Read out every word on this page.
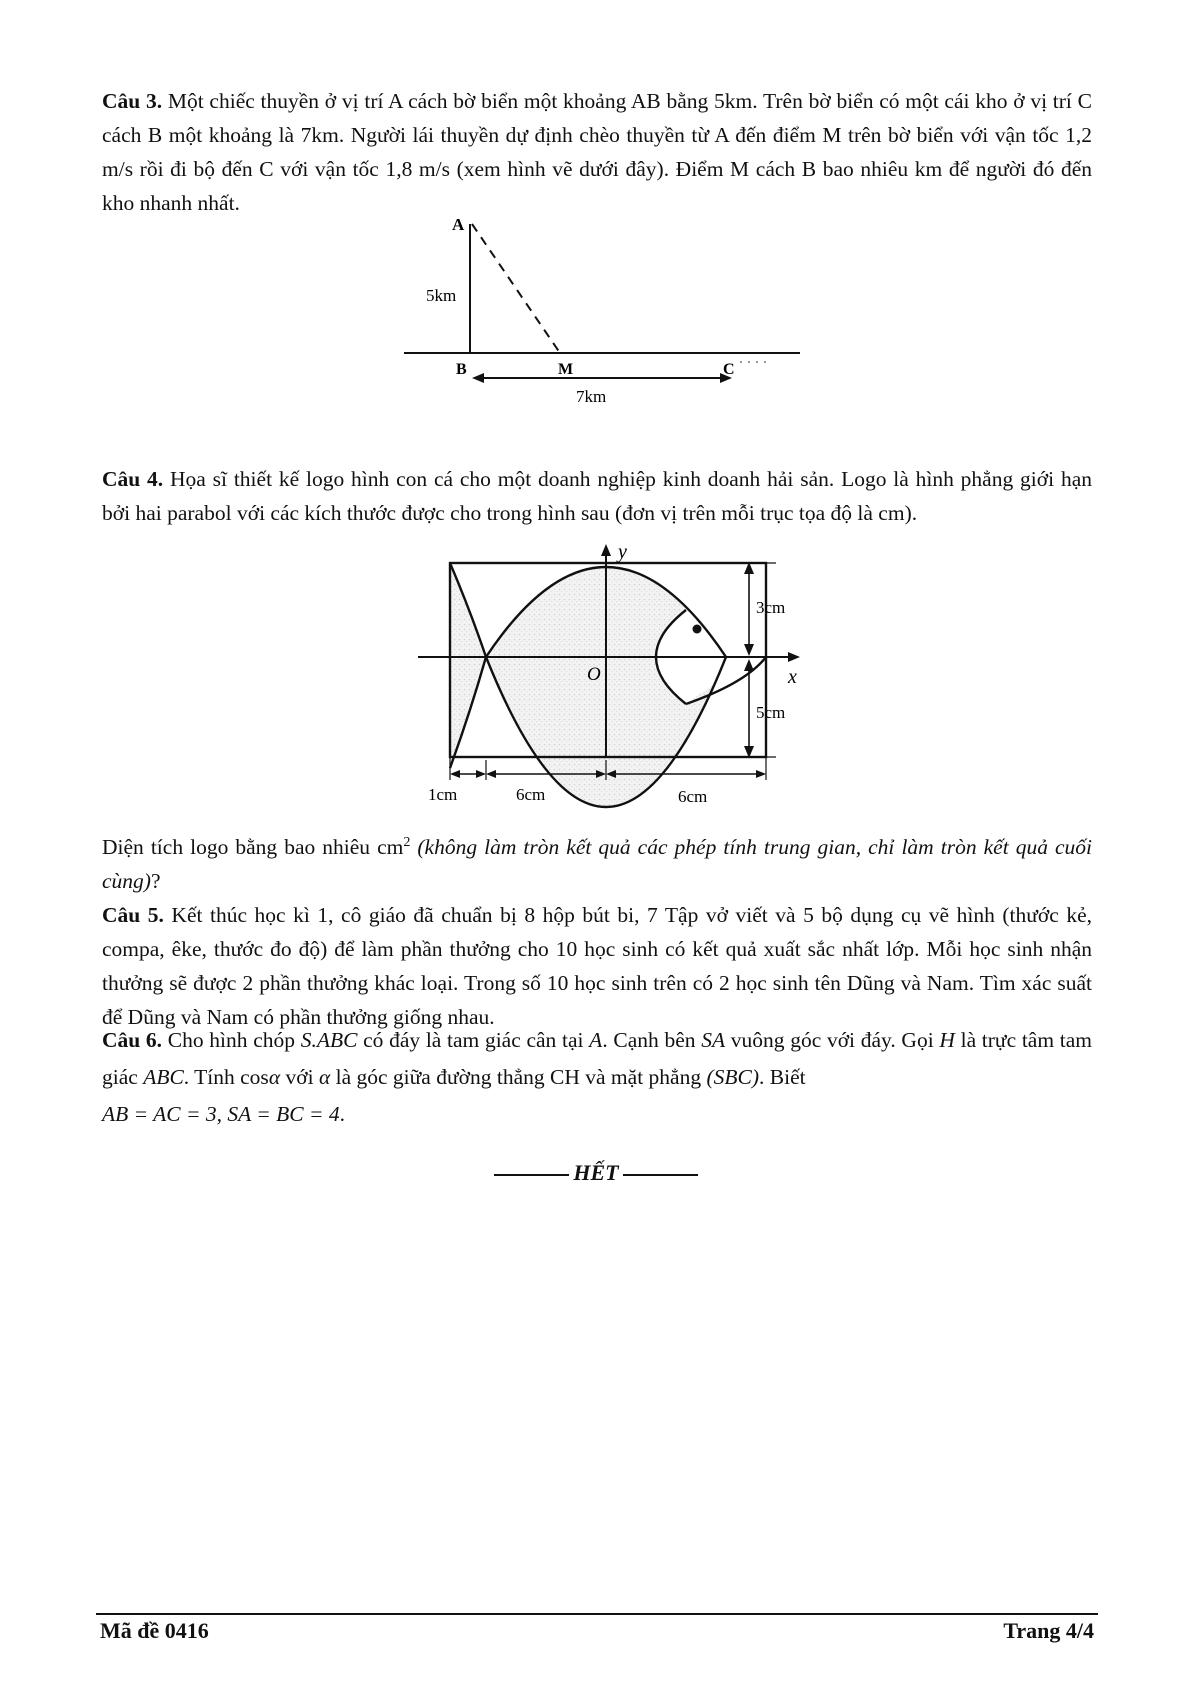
Câu 3. Một chiếc thuyền ở vị trí A cách bờ biển một khoảng AB bằng 5km. Trên bờ biển có một cái kho ở vị trí C cách B một khoảng là 7km. Người lái thuyền dự định chèo thuyền từ A đến điểm M trên bờ biển với vận tốc 1,2 m/s rồi đi bộ đến C với vận tốc 1,8 m/s (xem hình vẽ dưới đây). Điểm M cách B bao nhiêu km để người đó đến kho nhanh nhất.
A
5km
B	M	C
7km
Câu 4. Họa sĩ thiết kế logo hình con cá cho một doanh nghiệp kinh doanh hải sản. Logo là hình phẳng giới hạn bởi hai parabol với các kích thước được cho trong hình sau (đơn vị trên mỗi trục tọa độ là cm).
y
x
O
3cm
5cm
1cm	6cm	6cm
Diện tích logo bằng bao nhiêu $cm^2$ (không làm tròn kết quả các phép tính trung gian, chỉ làm tròn kết quả cuối cùng)?
Câu 5. Kết thúc học kì 1, cô giáo đã chuẩn bị 8 hộp bút bi, 7 Tập vở viết và 5 bộ dụng cụ vẽ hình (thước kẻ, compa, êke, thước đo độ) để làm phần thưởng cho 10 học sinh có kết quả xuất sắc nhất lớp. Mỗi học sinh nhận thưởng sẽ được 2 phần thưởng khác loại. Trong số 10 học sinh trên có 2 học sinh tên Dũng và Nam. Tìm xác suất để Dũng và Nam có phần thưởng giống nhau.
Câu 6. Cho hình chóp S.ABC có đáy là tam giác cân tại A. Cạnh bên SA vuông góc với đáy. Gọi H là trực tâm tam giác ABC. Tính cosα với α là góc giữa đường thẳng CH và mặt phẳng (SBC). Biết
AB = AC = 3, SA = BC = 4.
HẾT
Mã đề 0416	Trang 4/4
